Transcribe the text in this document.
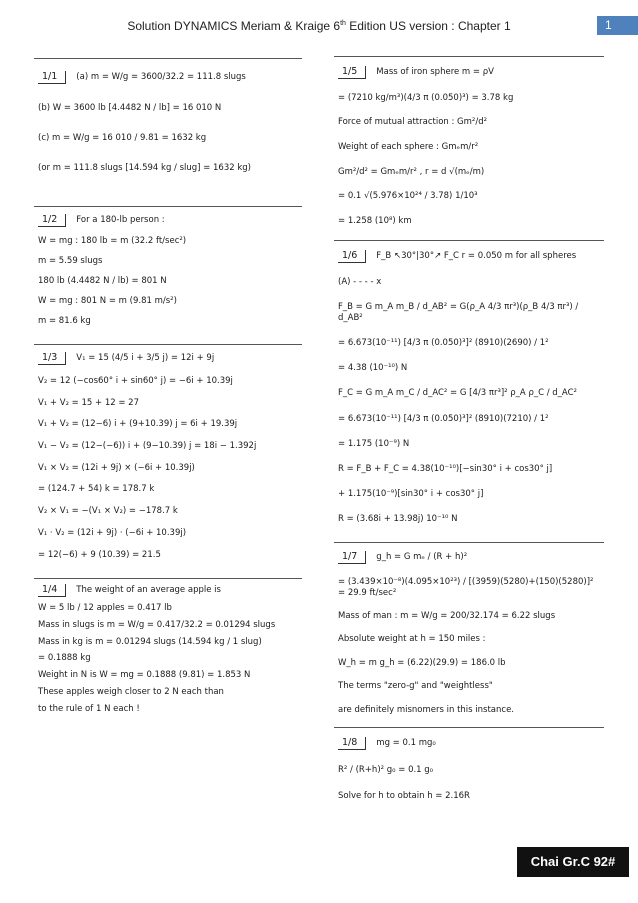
Solution DYNAMICS Meriam & Kraige 6th Edition US version : Chapter 1	1
1/1 (a) m = W/g = 3600/32.2 = 111.8 slugs
(b) W = 3600 lb [4.4482 N / lb] = 16 010 N
(c) m = W/g = 16 010 / 9.81 = 1632 kg
(or m = 111.8 slugs [14.594 kg / slug] = 1632 kg)
1/2 For a 180-lb person :
W = mg : 180 lb = m (32.2 ft/sec²)
m = 5.59 slugs
180 lb (4.4482 N / lb) = 801 N
W = mg : 801 N = m (9.81 m/s²)
m = 81.6 kg
1/3 V₁ = 15 (4/5 i + 3/5 j) = 12i + 9j
V₂ = 12 (−cos60° i + sin60° j) = −6i + 10.39j
V₁ + V₂ = 15 + 12 = 27
V₁ + V₂ = (12−6) i + (9+10.39) j = 6i + 19.39j
V₁ − V₂ = (12−(−6)) i + (9−10.39) j = 18i − 1.392j
V₁ × V₂ = (12i + 9j) × (−6i + 10.39j)
= (124.7 + 54) k = 178.7 k
V₂ × V₁ = −(V₁ × V₂) = −178.7 k
V₁ · V₂ = (12i + 9j) · (−6i + 10.39j)
= 12(−6) + 9 (10.39) = 21.5
1/4 The weight of an average apple is
W = 5 lb / 12 apples = 0.417 lb
Mass in slugs is m = W/g = 0.417/32.2 = 0.01294 slugs
Mass in kg is m = 0.01294 slugs (14.594 kg / 1 slug)
= 0.1888 kg
Weight in N is W = mg = 0.1888 (9.81) = 1.853 N
These apples weigh closer to 2 N each than
to the rule of 1 N each !
1/5 Mass of iron sphere m = ρV
= (7210 kg/m³)(4/3 π (0.050)³) = 3.78 kg
Force of mutual attraction : Gm²/d²
Weight of each sphere : Gmₑm/r²
Gm²/d² = Gmₑm/r² , r = d √(mₑ/m)
= 0.1 √(5.976×10²⁴ / 3.78) 1/10³
= 1.258 (10⁸) km
1/6 F_B ↖30°|30°↗ F_C r = 0.050 m for all spheres
(A) - - - - x
F_B = G m_A m_B / d_AB² = G(ρ_A 4/3 πr³)(ρ_B 4/3 πr³) / d_AB²
= 6.673(10⁻¹¹) [4/3 π (0.050)³]² (8910)(2690) / 1²
= 4.38 (10⁻¹⁰) N
F_C = G m_A m_C / d_AC² = G [4/3 πr³]² ρ_A ρ_C / d_AC²
= 6.673(10⁻¹¹) [4/3 π (0.050)³]² (8910)(7210) / 1²
= 1.175 (10⁻⁹) N
R = F_B + F_C = 4.38(10⁻¹⁰)[−sin30° i + cos30° j]
+ 1.175(10⁻⁹)[sin30° i + cos30° j]
R = (3.68i + 13.98j) 10⁻¹⁰ N
1/7 g_h = G mₑ / (R + h)²
= (3.439×10⁻⁸)(4.095×10²³) / [(3959)(5280)+(150)(5280)]² = 29.9 ft/sec²
Mass of man : m = W/g = 200/32.174 = 6.22 slugs
Absolute weight at h = 150 miles :
W_h = m g_h = (6.22)(29.9) = 186.0 lb
The terms "zero-g" and "weightless"
are definitely misnomers in this instance.
1/8 mg = 0.1 mg₀
R² / (R+h)² g₀ = 0.1 g₀
Solve for h to obtain h = 2.16R
Chai Gr.C 92#
